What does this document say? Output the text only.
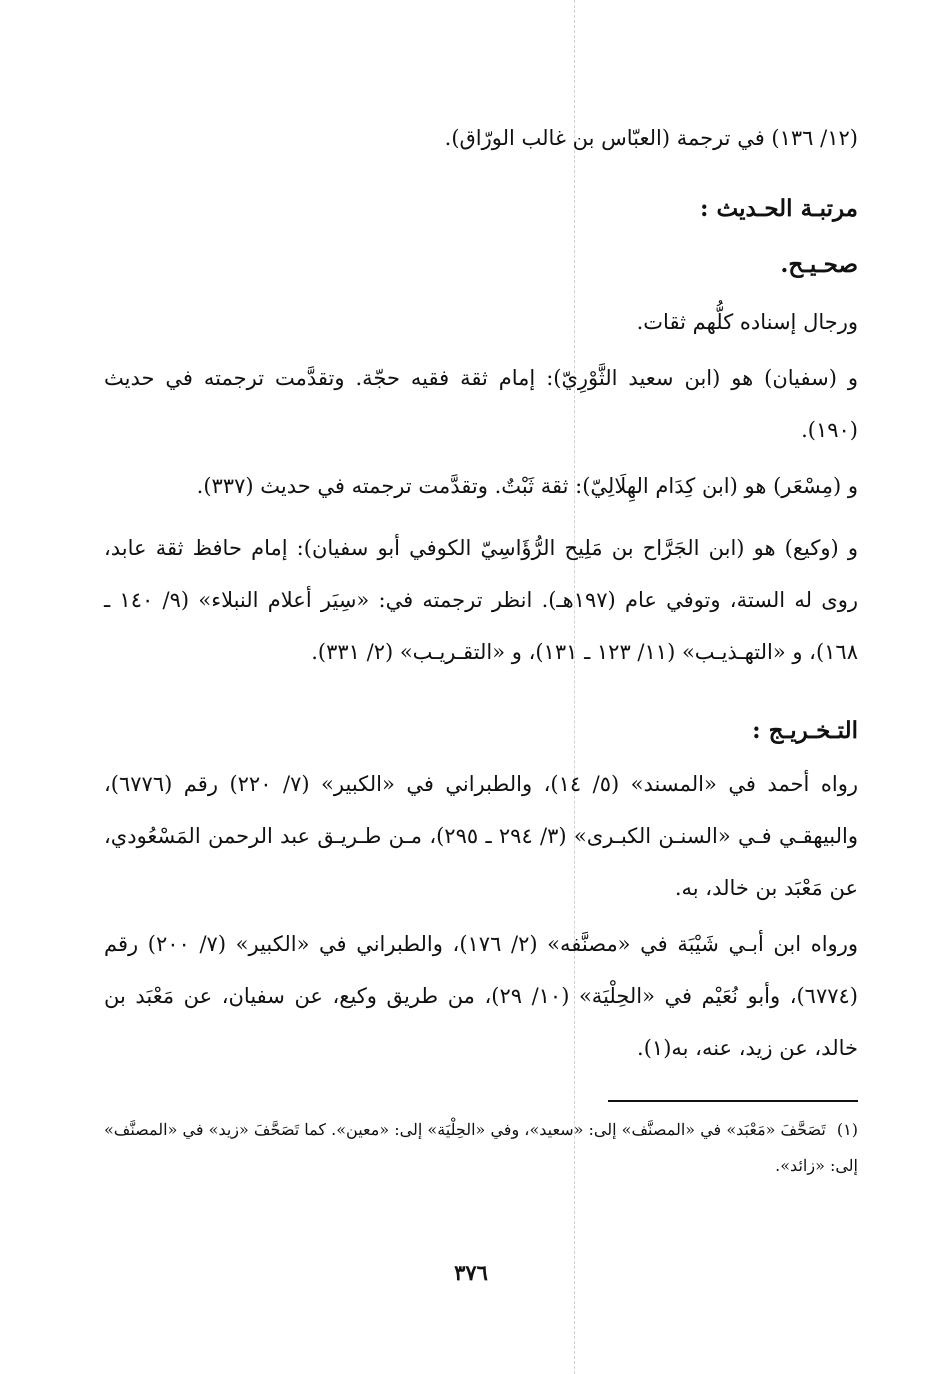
(١٢/ ١٣٦) في ترجمة (العبّاس بن غالب الورّاق).

مرتبـة الحـديث :
صحـيـح.

ورجال إسناده كلُّهم ثقات.

و (سفيان) هو (ابن سعيد الثَّوْرِيّ): إمام ثقة فقيه حجّة. وتقدَّمت ترجمته في حديث (١٩٠).

و (مِسْعَر) هو (ابن كِدَام الهِلَالِيّ): ثقة ثَبْتٌ. وتقدَّمت ترجمته في حديث (٣٣٧).

و (وكيع) هو (ابن الجَرَّاح بن مَلِيح الرُّؤَاسِيّ الكوفي أبو سفيان): إمام حافظ ثقة عابد، روى له الستة، وتوفي عام (١٩٧هـ). انظر ترجمته في: «سِيَر أعلام النبلاء» (٩/ ١٤٠ ـ ١٦٨)، و «التهـذيـب» (١١/ ١٢٣ ـ ١٣١)، و «التقـريـب» (٢/ ٣٣١).

التـخـريـج :

رواه أحمد في «المسند» (٥/ ١٤)، والطبراني في «الكبير» (٧/ ٢٢٠) رقم (٦٧٧٦)، والبيهقـي فـي «السنـن الكبـرى» (٣/ ٢٩٤ ـ ٢٩٥)، مـن طـريـق عبد الرحمن المَسْعُودي، عن مَعْبَد بن خالد، به.

ورواه ابن أبـي شَيْبَة في «مصنَّفه» (٢/ ١٧٦)، والطبراني في «الكبير» (٧/ ٢٠٠) رقم (٦٧٧٤)، وأبو نُعَيْم في «الحِلْيَة» (١٠/ ٢٩)، من طريق وكيع، عن سفيان، عن مَعْبَد بن خالد، عن زيد، عنه، به(١).

(١) تَصَحَّفَ «مَعْبَد» في «المصنَّف» إلى: «سعيد»، وفي «الحِلْيَة» إلى: «معين». كما تَصَحَّفَ «زيد» في «المصنَّف» إلى: «زائد».

٣٧٦
